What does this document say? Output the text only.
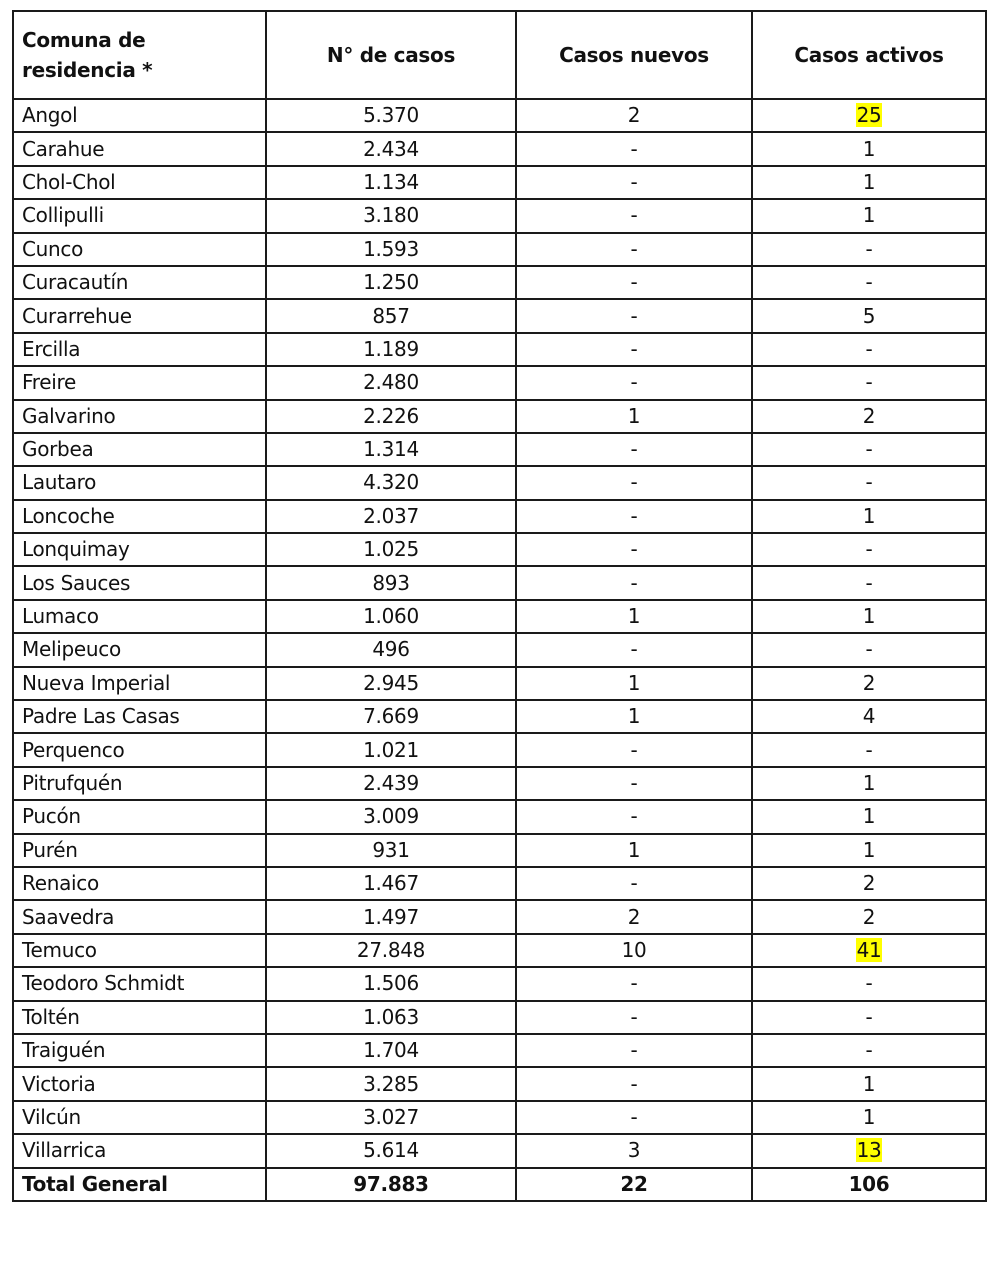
Comuna de residencia *	N° de casos	Casos nuevos	Casos activos
Angol	5.370	2	25
Carahue	2.434	-	1
Chol-Chol	1.134	-	1
Collipulli	3.180	-	1
Cunco	1.593	-	-
Curacautín	1.250	-	-
Curarrehue	857	-	5
Ercilla	1.189	-	-
Freire	2.480	-	-
Galvarino	2.226	1	2
Gorbea	1.314	-	-
Lautaro	4.320	-	-
Loncoche	2.037	-	1
Lonquimay	1.025	-	-
Los Sauces	893	-	-
Lumaco	1.060	1	1
Melipeuco	496	-	-
Nueva Imperial	2.945	1	2
Padre Las Casas	7.669	1	4
Perquenco	1.021	-	-
Pitrufquén	2.439	-	1
Pucón	3.009	-	1
Purén	931	1	1
Renaico	1.467	-	2
Saavedra	1.497	2	2
Temuco	27.848	10	41
Teodoro Schmidt	1.506	-	-
Toltén	1.063	-	-
Traiguén	1.704	-	-
Victoria	3.285	-	1
Vilcún	3.027	-	1
Villarrica	5.614	3	13
Total General	97.883	22	106
